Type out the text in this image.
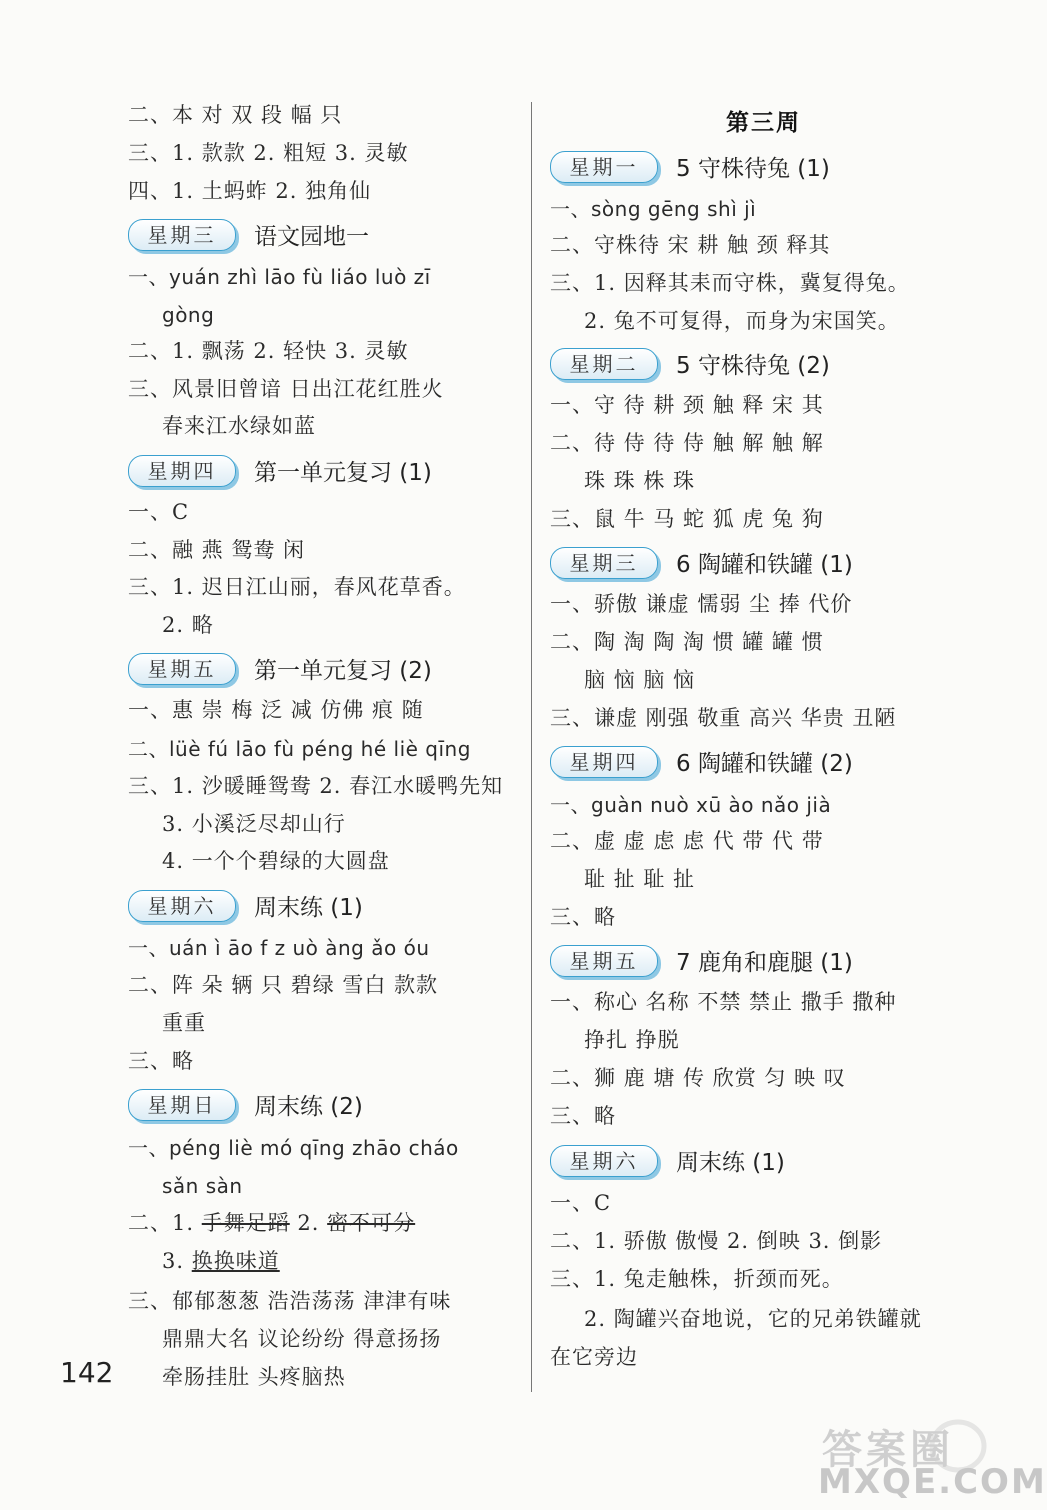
二、本 对 双 段 幅 只
三、1. 款款 2. 粗短 3. 灵敏
四、1. 土蚂蚱 2. 独角仙
星期三 语文园地一
一、yuán zhì lāo fù liáo luò zī
gòng
二、1. 飘荡 2. 轻快 3. 灵敏
三、风景旧曾谙 日出江花红胜火
春来江水绿如蓝
星期四 第一单元复习 (1)
一、C
二、融 燕 鸳鸯 闲
三、1. 迟日江山丽，春风花草香。
2. 略
星期五 第一单元复习 (2)
一、惠 崇 梅 泛 减 仿佛 痕 随
二、lüè fú lāo fù péng hé liè qīng
三、1. 沙暖睡鸳鸯 2. 春江水暖鸭先知
3. 小溪泛尽却山行
4. 一个个碧绿的大圆盘
星期六 周末练 (1)
一、uán ì āo f z uò àng ǎo óu
二、阵 朵 辆 只 碧绿 雪白 款款
重重
三、略
星期日 周末练 (2)
一、péng liè mó qīng zhāo cháo
sǎn sàn
二、1. 手舞足蹈 2. 密不可分
3. 换换味道
三、郁郁葱葱 浩浩荡荡 津津有味
鼎鼎大名 议论纷纷 得意扬扬
牵肠挂肚 头疼脑热
第三周
星期一 5 守株待兔 (1)
一、sòng gēng shì jì
二、守株待 宋 耕 触 颈 释其
三、1. 因释其耒而守株，冀复得兔。
2. 兔不可复得，而身为宋国笑。
星期二 5 守株待兔 (2)
一、守 待 耕 颈 触 释 宋 其
二、待 侍 待 侍 触 解 触 解
珠 珠 株 珠
三、鼠 牛 马 蛇 狐 虎 兔 狗
星期三 6 陶罐和铁罐 (1)
一、骄傲 谦虚 懦弱 尘 捧 代价
二、陶 淘 陶 淘 惯 罐 罐 惯
脑 恼 脑 恼
三、谦虚 刚强 敬重 高兴 华贵 丑陋
星期四 6 陶罐和铁罐 (2)
一、guàn nuò xū ào nǎo jià
二、虚 虚 虑 虑 代 带 代 带
耻 扯 耻 扯
三、略
星期五 7 鹿角和鹿腿 (1)
一、称心 名称 不禁 禁止 撒手 撒种
挣扎 挣脱
二、狮 鹿 塘 传 欣赏 匀 映 叹
三、略
星期六 周末练 (1)
一、C
二、1. 骄傲 傲慢 2. 倒映 3. 倒影
三、1. 兔走触株，折颈而死。
2. 陶罐兴奋地说，它的兄弟铁罐就
在它旁边
142
答案圈
MXQE.COM
